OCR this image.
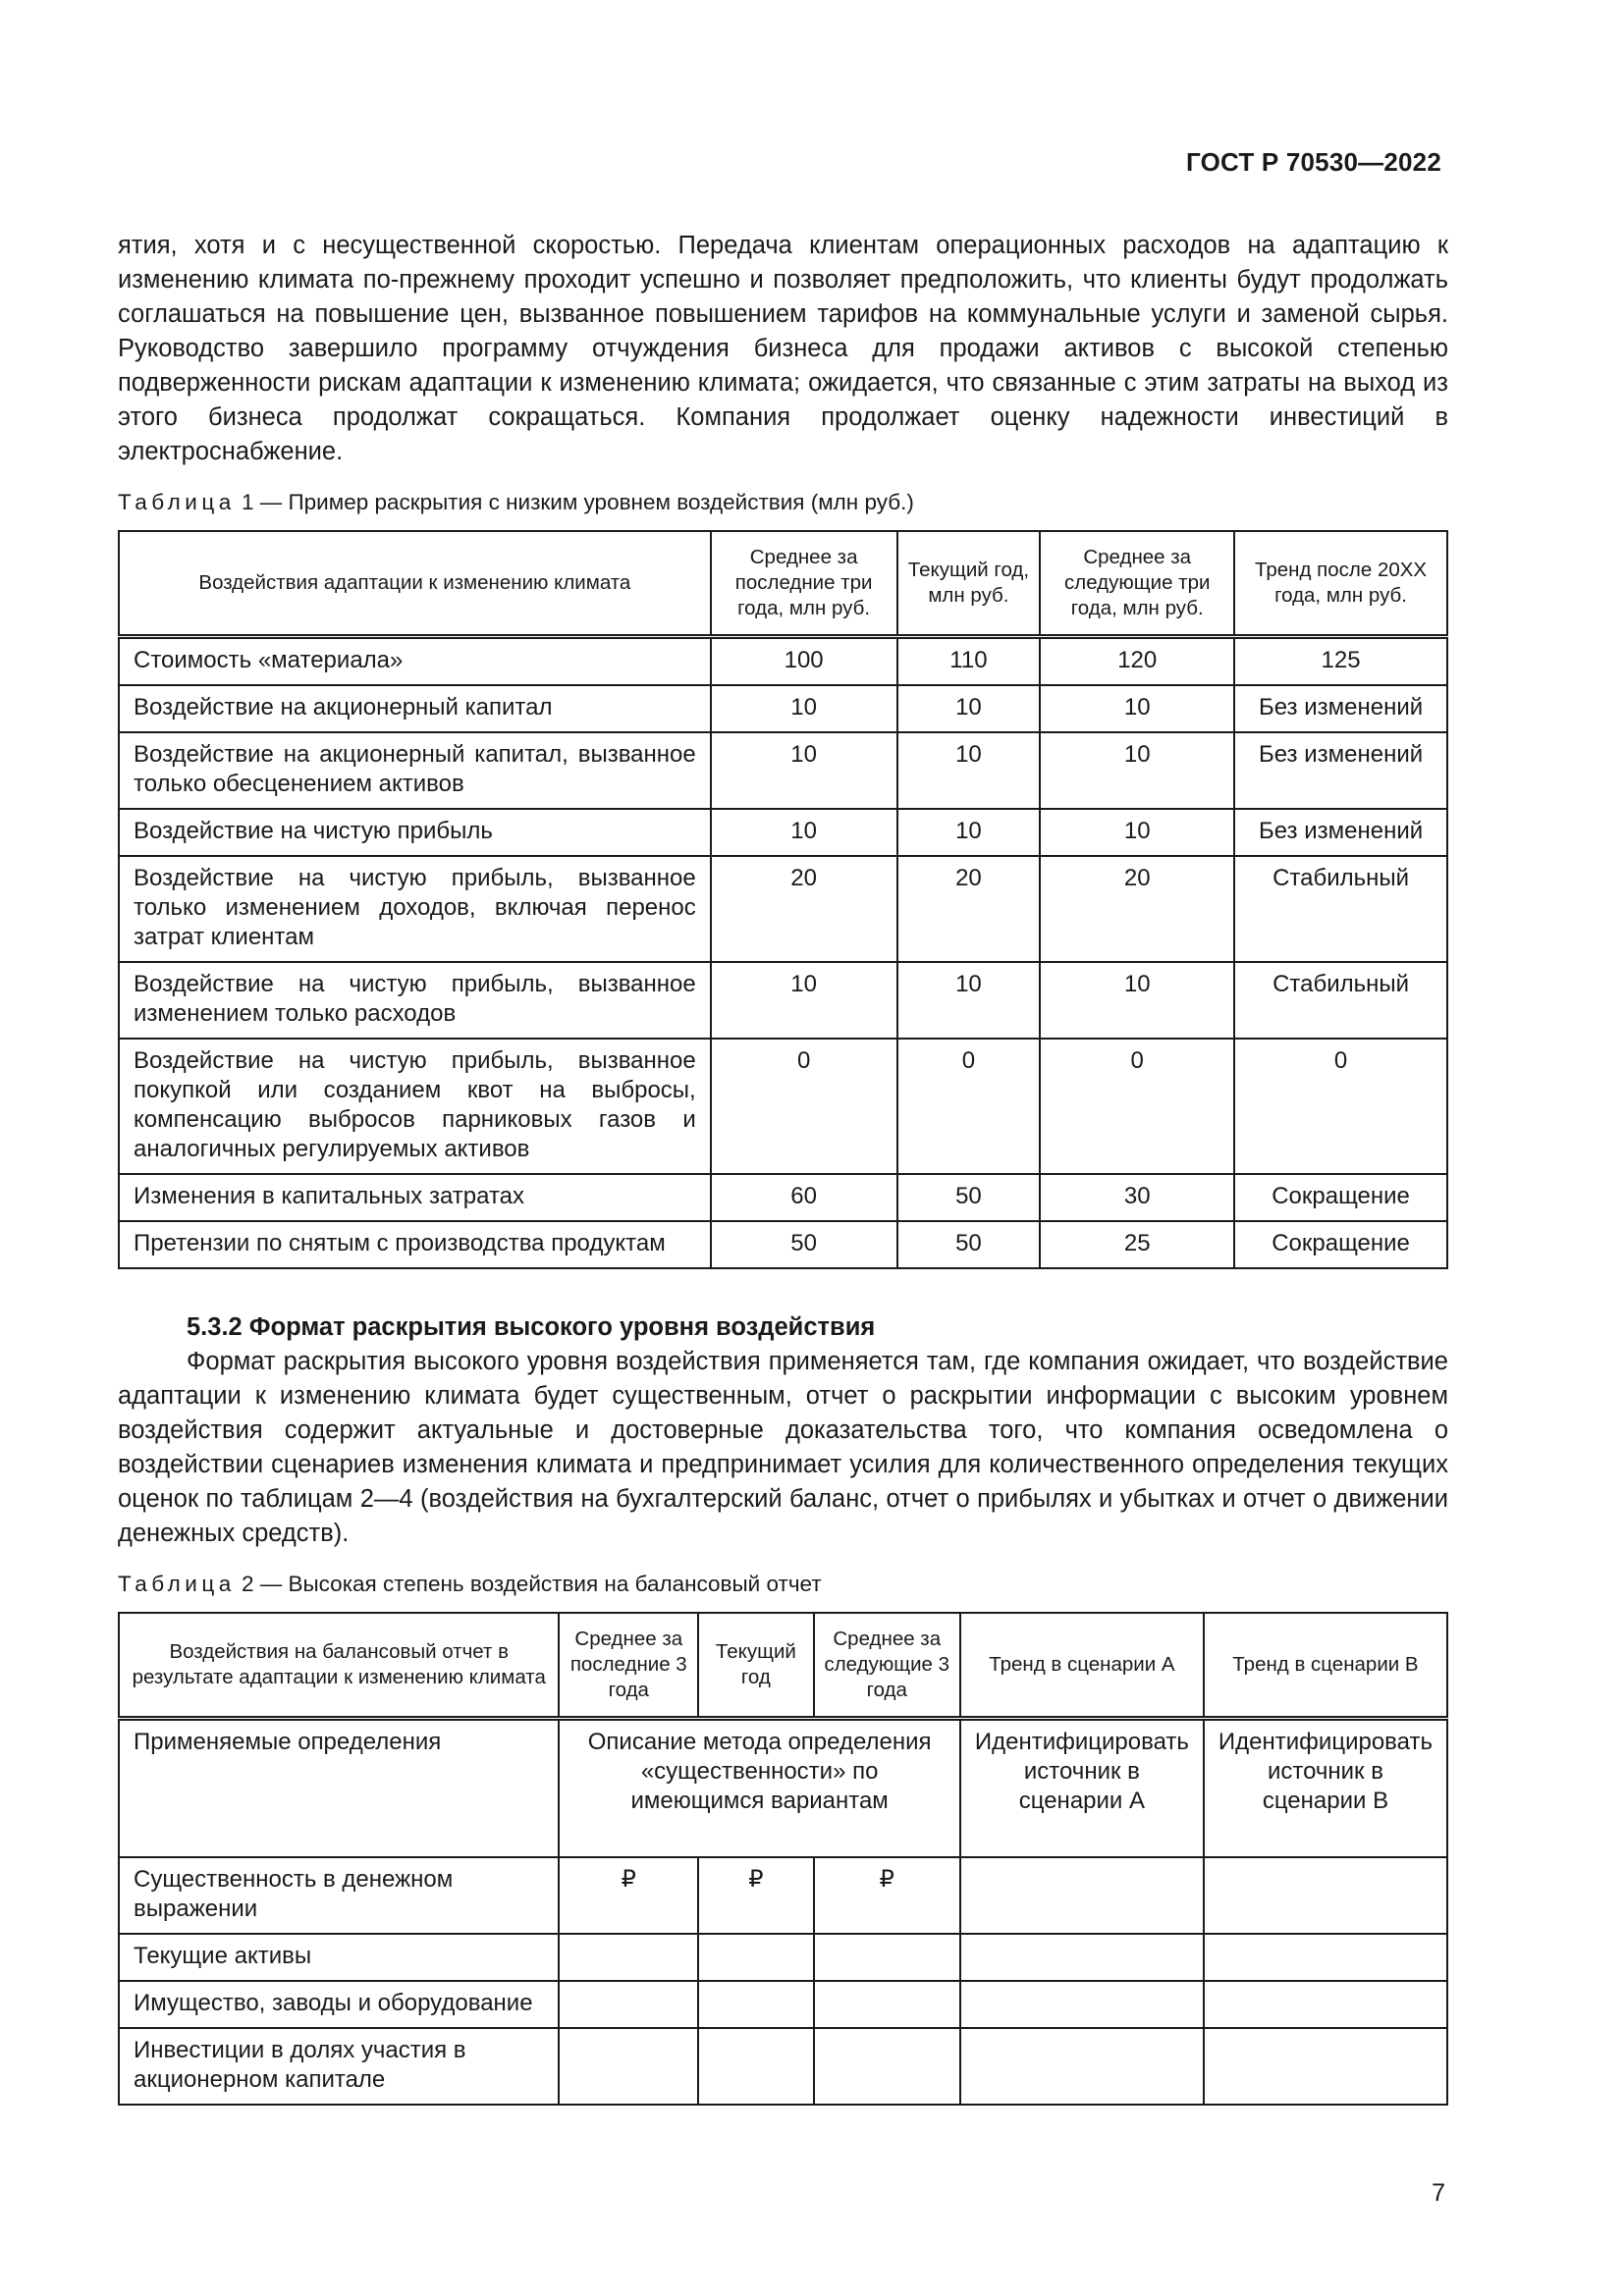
ГОСТ Р 70530—2022

ятия, хотя и с несущественной скоростью. Передача клиентам операционных расходов на адаптацию к изменению климата по-прежнему проходит успешно и позволяет предположить, что клиенты будут продолжать соглашаться на повышение цен, вызванное повышением тарифов на коммунальные услуги и заменой сырья. Руководство завершило программу отчуждения бизнеса для продажи активов с высокой степенью подверженности рискам адаптации к изменению климата; ожидается, что связанные с этим затраты на выход из этого бизнеса продолжат сокращаться. Компания продолжает оценку надежности инвестиций в электроснабжение.

Таблица 1 — Пример раскрытия с низким уровнем воздействия (млн руб.)
Воздействия адаптации к изменению климата	Среднее за последние три года, млн руб.	Текущий год, млн руб.	Среднее за следующие три года, млн руб.	Тренд после 20XX года, млн руб.
Стоимость «материала»	100	110	120	125
Воздействие на акционерный капитал	10	10	10	Без изменений
Воздействие на акционерный капитал, вызванное только обесценением активов	10	10	10	Без изменений
Воздействие на чистую прибыль	10	10	10	Без изменений
Воздействие на чистую прибыль, вызванное только изменением доходов, включая перенос затрат клиентам	20	20	20	Стабильный
Воздействие на чистую прибыль, вызванное изменением только расходов	10	10	10	Стабильный
Воздействие на чистую прибыль, вызванное покупкой или созданием квот на выбросы, компенсацию выбросов парниковых газов и аналогичных регулируемых активов	0	0	0	0
Изменения в капитальных затратах	60	50	30	Сокращение
Претензии по снятым с производства продуктам	50	50	25	Сокращение
5.3.2 Формат раскрытия высокого уровня воздействия

Формат раскрытия высокого уровня воздействия применяется там, где компания ожидает, что воздействие адаптации к изменению климата будет существенным, отчет о раскрытии информации с высоким уровнем воздействия содержит актуальные и достоверные доказательства того, что компания осведомлена о воздействии сценариев изменения климата и предпринимает усилия для количественного определения текущих оценок по таблицам 2—4 (воздействия на бухгалтерский баланс, отчет о прибылях и убытках и отчет о движении денежных средств).

Таблица 2 — Высокая степень воздействия на балансовый отчет
Воздействия на балансовый отчет в результате адаптации к изменению климата	Среднее за последние 3 года	Текущий год	Среднее за следующие 3 года	Тренд в сценарии А	Тренд в сценарии В
Применяемые определения	Описание метода определения «существенности» по имеющимся вариантам			Идентифицировать источник в сценарии А	Идентифицировать источник в сценарии В
Существенность в денежном выражении	₽	₽	₽		
Текущие активы					
Имущество, заводы и оборудование					
Инвестиции в долях участия в акционерном капитале					
7
